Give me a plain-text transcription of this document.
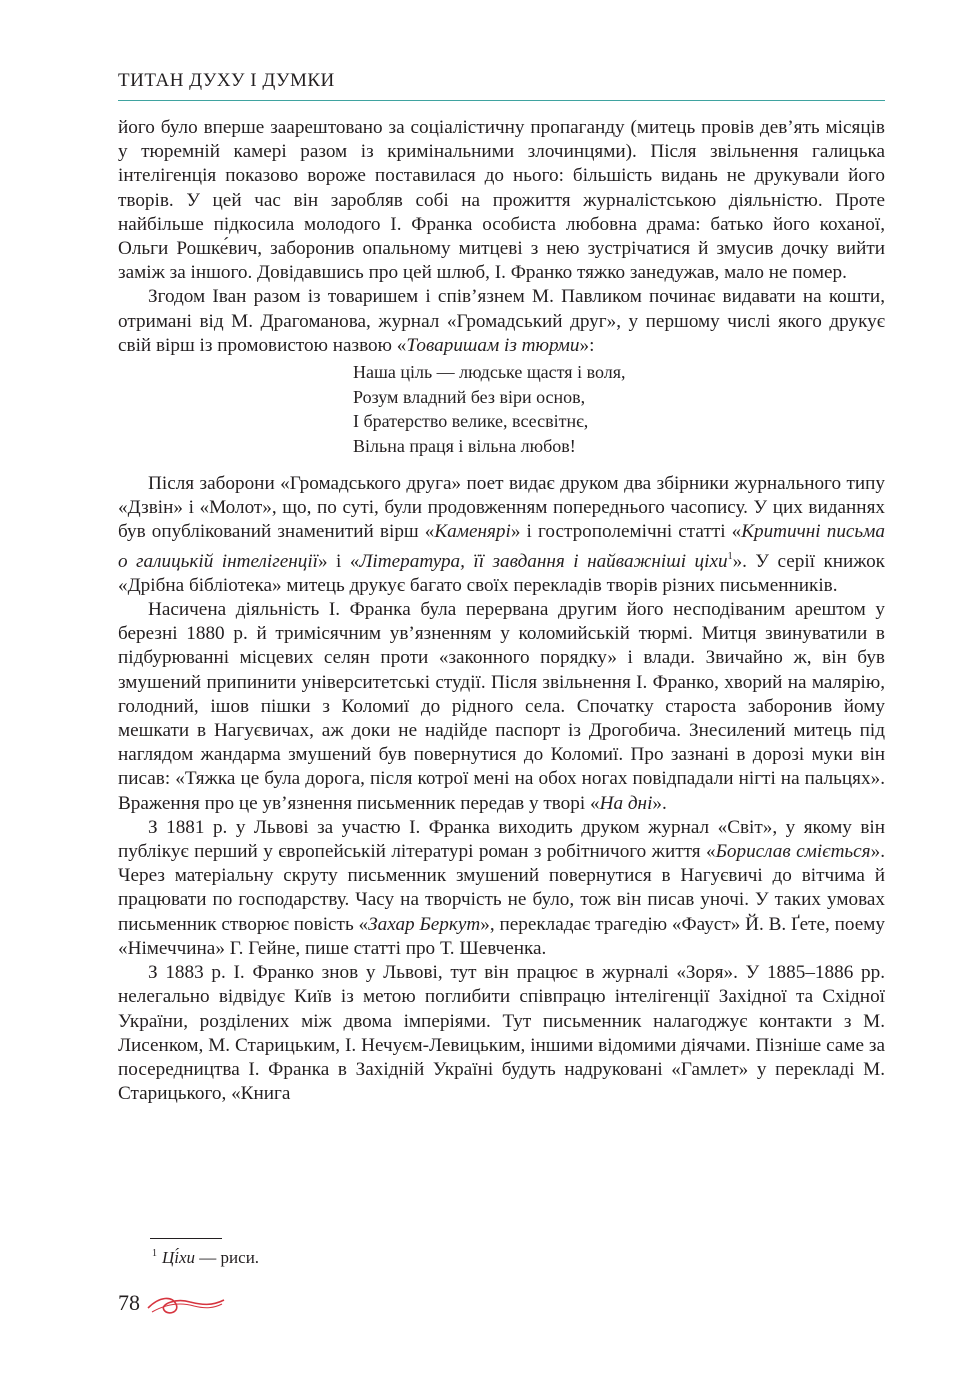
ТИТАН ДУХУ І ДУМКИ

його було вперше заарештовано за соціалістичну пропаганду (митець провів дев’ять місяців у тюремній камері разом із кримінальними злочинцями). Після звільнення галицька інтелігенція показово вороже поставилася до нього: більшість видань не друкували його творів. У цей час він заробляв собі на прожиття журналістською діяльністю. Проте найбільше підкосила молодого І. Франка особиста любовна драма: батько його коханої, Ольги Рошке́вич, заборонив опальному митцеві з нею зустрічатися й змусив дочку вийти заміж за іншого. Довідавшись про цей шлюб, І. Франко тяжко занедужав, мало не помер.

Згодом Іван разом із товаришем і спів’язнем М. Павликом починає видавати на кошти, отримані від М. Драгоманова, журнал «Громадський друг», у першому числі якого друкує свій вірш із промовистою назвою «Товаришам із тюрми»:

Наша ціль — людське щастя і воля,
Розум владний без віри основ,
І братерство велике, всесвітнє,
Вільна праця і вільна любов!

Після заборони «Громадського друга» поет видає друком два збірники журнального типу «Дзвін» і «Молот», що, по суті, були продовженням попереднього часопису. У цих виданнях був опублікований знаменитий вірш «Каменярі» і гострополемічні статті «Критичні письма о галицькій інтелігенції» і «Література, її завдання і найважніші ціхи$^1$». У серії книжок «Дрібна бібліотека» митець друкує багато своїх перекладів творів різних письменників.

Насичена діяльність І. Франка була перервана другим його несподіваним арештом у березні 1880 р. й тримісячним ув’язненням у коломийській тюрмі. Митця звинуватили в підбурюванні місцевих селян проти «законного порядку» і влади. Звичайно ж, він був змушений припинити університетські студії. Після звільнення І. Франко, хворий на малярію, голодний, ішов пішки з Коломиї до рідного села. Спочатку староста заборонив йому мешкати в Нагуєвичах, аж доки не надійде паспорт із Дрогобича. Знесилений митець під наглядом жандарма змушений був повернутися до Коломиї. Про зазнані в дорозі муки він писав: «Тяжка це була дорога, після котрої мені на обох ногах повідпадали нігті на пальцях». Враження про це ув’язнення письменник передав у творі «На дні».

З 1881 р. у Львові за участю І. Франка виходить друком журнал «Світ», у якому він публікує перший у європейській літературі роман з робітничого життя «Борислав сміється». Через матеріальну скруту письменник змушений повернутися в Нагуєвичі до вітчима й працювати по господарству. Часу на творчість не було, тож він писав уночі. У таких умовах письменник створює повість «Захар Беркут», перекладає трагедію «Фауст» Й. В. Ґете, поему «Німеччина» Г. Гейне, пише статті про Т. Шевченка.

З 1883 р. І. Франко знов у Львові, тут він працює в журналі «Зоря». У 1885–1886 рр. нелегально відвідує Київ із метою поглибити співпрацю інтелігенції Західної та Східної України, розділених між двома імперіями. Тут письменник налагоджує контакти з М. Лисенком, М. Старицьким, І. Нечуєм-Левицьким, іншими відомими діячами. Пізніше саме за посередництва І. Франка в Західній Україні будуть надруковані «Гамлет» у перекладі М. Старицького, «Книга

$^1$ Ці́хи — риси.
78
